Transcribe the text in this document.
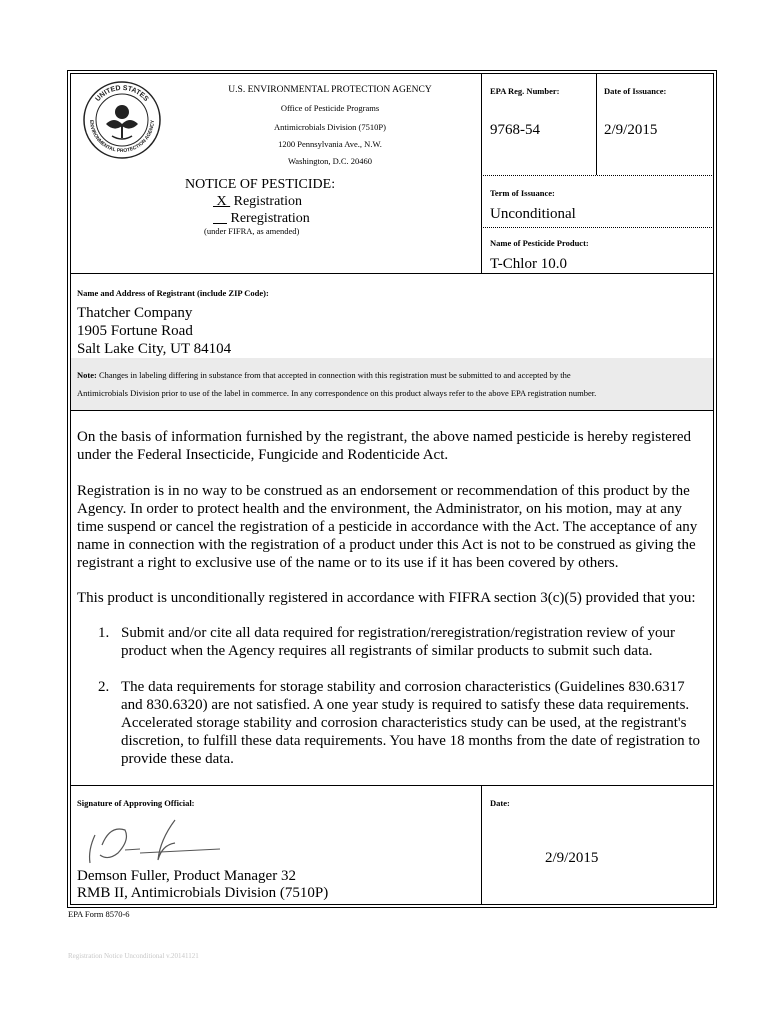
UNITED STATES
ENVIRONMENTAL PROTECTION AGENCY
U.S. ENVIRONMENTAL PROTECTION AGENCY
Office of Pesticide Programs
Antimicrobials Division (7510P)
1200 Pennsylvania Ave., N.W.
Washington, D.C. 20460
NOTICE OF PESTICIDE:
X  Registration
Reregistration
(under FIFRA, as amended)
EPA Reg. Number:	Date of Issuance:
9768-54	2/9/2015
Term of Issuance:
Unconditional
Name of Pesticide Product:
T-Chlor 10.0
Name and Address of Registrant (include ZIP Code):
Thatcher Company
1905 Fortune Road
Salt Lake City, UT 84104
Note: Changes in labeling differing in substance from that accepted in connection with this registration must be submitted to and accepted by the
Antimicrobials Division prior to use of the label in commerce. In any correspondence on this product always refer to the above EPA registration number.
On the basis of information furnished by the registrant, the above named pesticide is hereby registered under the Federal Insecticide, Fungicide and Rodenticide Act.
Registration is in no way to be construed as an endorsement or recommendation of this product by the Agency. In order to protect health and the environment, the Administrator, on his motion, may at any time suspend or cancel the registration of a pesticide in accordance with the Act. The acceptance of any name in connection with the registration of a product under this Act is not to be construed as giving the registrant a right to exclusive use of the name or to its use if it has been covered by others.
This product is unconditionally registered in accordance with FIFRA section 3(c)(5) provided that you:
1. Submit and/or cite all data required for registration/reregistration/registration review of your product when the Agency requires all registrants of similar products to submit such data.
2. The data requirements for storage stability and corrosion characteristics (Guidelines 830.6317 and 830.6320) are not satisfied. A one year study is required to satisfy these data requirements. Accelerated storage stability and corrosion characteristics study can be used, at the registrant's discretion, to fulfill these data requirements. You have 18 months from the date of registration to provide these data.
Signature of Approving Official:	Date:
2/9/2015
Demson Fuller, Product Manager 32
RMB II, Antimicrobials Division (7510P)
EPA Form 8570-6
Registration Notice Unconditional v.20141121
